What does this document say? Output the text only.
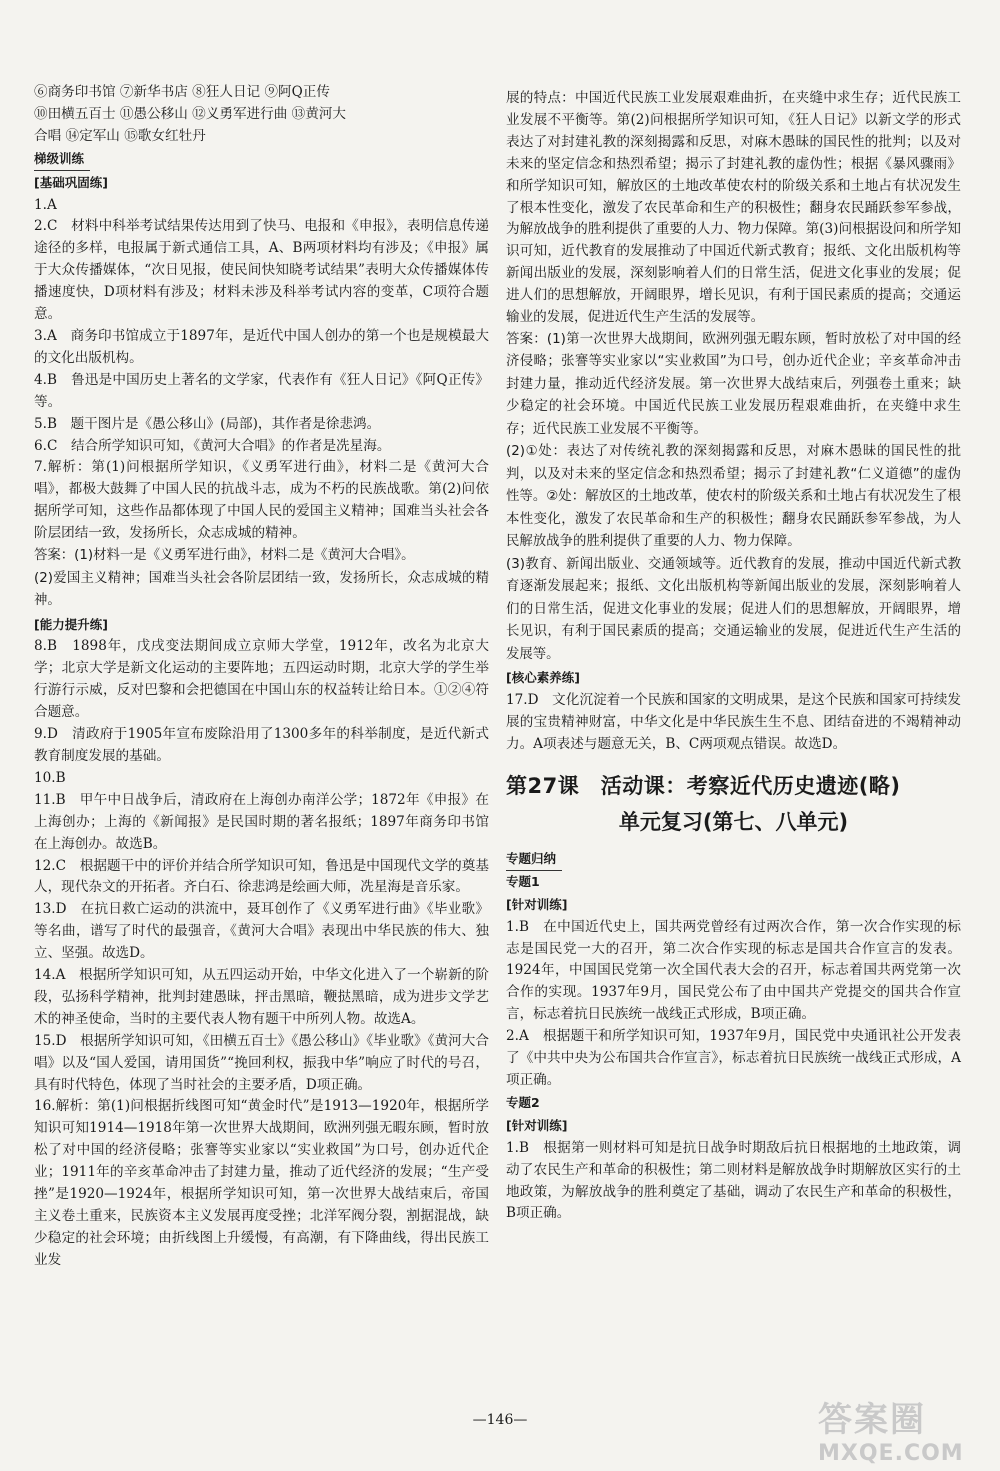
⑥商务印书馆 ⑦新华书店 ⑧狂人日记 ⑨阿Q正传

⑩田横五百士 ⑪愚公移山 ⑫义勇军进行曲 ⑬黄河大

合唱 ⑭定军山 ⑮歌女红牡丹

梯级训练
[基础巩固练]

1.A

2.C　材料中科举考试结果传达用到了快马、电报和《申报》，表明信息传递途径的多样，电报属于新式通信工具，A、B两项材料均有涉及；《申报》属于大众传播媒体，“次日见报，使民间快知晓考试结果”表明大众传播媒体传播速度快，D项材料有涉及；材料未涉及科举考试内容的变革，C项符合题意。

3.A　商务印书馆成立于1897年，是近代中国人创办的第一个也是规模最大的文化出版机构。

4.B　鲁迅是中国历史上著名的文学家，代表作有《狂人日记》《阿Q正传》等。

5.B　题干图片是《愚公移山》(局部)，其作者是徐悲鸿。

6.C　结合所学知识可知，《黄河大合唱》的作者是冼星海。

7.解析：第(1)问根据所学知识，《义勇军进行曲》，材料二是《黄河大合唱》，都极大鼓舞了中国人民的抗战斗志，成为不朽的民族战歌。第(2)问依据所学可知，这些作品都体现了中国人民的爱国主义精神；国难当头社会各阶层团结一致，发扬所长，众志成城的精神。

答案：(1)材料一是《义勇军进行曲》，材料二是《黄河大合唱》。

(2)爱国主义精神；国难当头社会各阶层团结一致，发扬所长，众志成城的精神。

[能力提升练]

8.B　1898年，戊戌变法期间成立京师大学堂，1912年，改名为北京大学；北京大学是新文化运动的主要阵地；五四运动时期，北京大学的学生举行游行示威，反对巴黎和会把德国在中国山东的权益转让给日本。①②④符合题意。

9.D　清政府于1905年宣布废除沿用了1300多年的科举制度，是近代新式教育制度发展的基础。

10.B

11.B　甲午中日战争后，清政府在上海创办南洋公学；1872年《申报》在上海创办；上海的《新闻报》是民国时期的著名报纸；1897年商务印书馆在上海创办。故选B。

12.C　根据题干中的评价并结合所学知识可知，鲁迅是中国现代文学的奠基人，现代杂文的开拓者。齐白石、徐悲鸿是绘画大师，冼星海是音乐家。

13.D　在抗日救亡运动的洪流中，聂耳创作了《义勇军进行曲》《毕业歌》等名曲，谱写了时代的最强音，《黄河大合唱》表现出中华民族的伟大、独立、坚强。故选D。

14.A　根据所学知识可知，从五四运动开始，中华文化进入了一个崭新的阶段，弘扬科学精神，批判封建愚昧，抨击黑暗，鞭挞黑暗，成为进步文学艺术的神圣使命，当时的主要代表人物有题干中所列人物。故选A。

15.D　根据所学知识可知，《田横五百士》《愚公移山》《毕业歌》《黄河大合唱》以及“国人爱国，请用国货”“挽回利权，振我中华”响应了时代的号召，具有时代特色，体现了当时社会的主要矛盾，D项正确。

16.解析：第(1)问根据折线图可知“黄金时代”是1913—1920年，根据所学知识可知1914—1918年第一次世界大战期间，欧洲列强无暇东顾，暂时放松了对中国的经济侵略；张謇等实业家以“实业救国”为口号，创办近代企业；1911年的辛亥革命冲击了封建力量，推动了近代经济的发展；“生产受挫”是1920—1924年，根据所学知识可知，第一次世界大战结束后，帝国主义卷土重来，民族资本主义发展再度受挫；北洋军阀分裂，割据混战，缺少稳定的社会环境；由折线图上升缓慢，有高潮，有下降曲线，得出民族工业发

展的特点：中国近代民族工业发展艰难曲折，在夹缝中求生存；近代民族工业发展不平衡等。第(2)问根据所学知识可知，《狂人日记》以新文学的形式表达了对封建礼教的深刻揭露和反思，对麻木愚昧的国民性的批判；以及对未来的坚定信念和热烈希望；揭示了封建礼教的虚伪性；根据《暴风骤雨》和所学知识可知，解放区的土地改革使农村的阶级关系和土地占有状况发生了根本性变化，激发了农民革命和生产的积极性；翻身农民踊跃参军参战，为解放战争的胜利提供了重要的人力、物力保障。第(3)问根据设问和所学知识可知，近代教育的发展推动了中国近代新式教育；报纸、文化出版机构等新闻出版业的发展，深刻影响着人们的日常生活，促进文化事业的发展；促进人们的思想解放，开阔眼界，增长见识，有利于国民素质的提高；交通运输业的发展，促进近代生产生活的发展等。

答案：(1)第一次世界大战期间，欧洲列强无暇东顾，暂时放松了对中国的经济侵略；张謇等实业家以“实业救国”为口号，创办近代企业；辛亥革命冲击封建力量，推动近代经济发展。第一次世界大战结束后，列强卷土重来；缺少稳定的社会环境。中国近代民族工业发展历程艰难曲折，在夹缝中求生存；近代民族工业发展不平衡等。

(2)①处：表达了对传统礼教的深刻揭露和反思，对麻木愚昧的国民性的批判，以及对未来的坚定信念和热烈希望；揭示了封建礼教“仁义道德”的虚伪性等。②处：解放区的土地改革，使农村的阶级关系和土地占有状况发生了根本性变化，激发了农民革命和生产的积极性；翻身农民踊跃参军参战，为人民解放战争的胜利提供了重要的人力、物力保障。

(3)教育、新闻出版业、交通领域等。近代教育的发展，推动中国近代新式教育逐渐发展起来；报纸、文化出版机构等新闻出版业的发展，深刻影响着人们的日常生活，促进文化事业的发展；促进人们的思想解放，开阔眼界，增长见识，有利于国民素质的提高；交通运输业的发展，促进近代生产生活的发展等。

[核心素养练]

17.D　文化沉淀着一个民族和国家的文明成果，是这个民族和国家可持续发展的宝贵精神财富，中华文化是中华民族生生不息、团结奋进的不竭精神动力。A项表述与题意无关，B、C两项观点错误。故选D。

第27课　活动课：考察近代历史遗迹(略)
单元复习(第七、八单元)
专题归纳
专题1
[针对训练]

1.B　在中国近代史上，国共两党曾经有过两次合作，第一次合作实现的标志是国民党一大的召开，第二次合作实现的标志是国共合作宣言的发表。1924年，中国国民党第一次全国代表大会的召开，标志着国共两党第一次合作的实现。1937年9月，国民党公布了由中国共产党提交的国共合作宣言，标志着抗日民族统一战线正式形成，B项正确。

2.A　根据题干和所学知识可知，1937年9月，国民党中央通讯社公开发表了《中共中央为公布国共合作宣言》，标志着抗日民族统一战线正式形成，A项正确。

专题2
[针对训练]

1.B　根据第一则材料可知是抗日战争时期敌后抗日根据地的土地政策，调动了农民生产和革命的积极性；第二则材料是解放战争时期解放区实行的土地政策，为解放战争的胜利奠定了基础，调动了农民生产和革命的积极性，B项正确。

—146—	答案圈
MXQE.COM
